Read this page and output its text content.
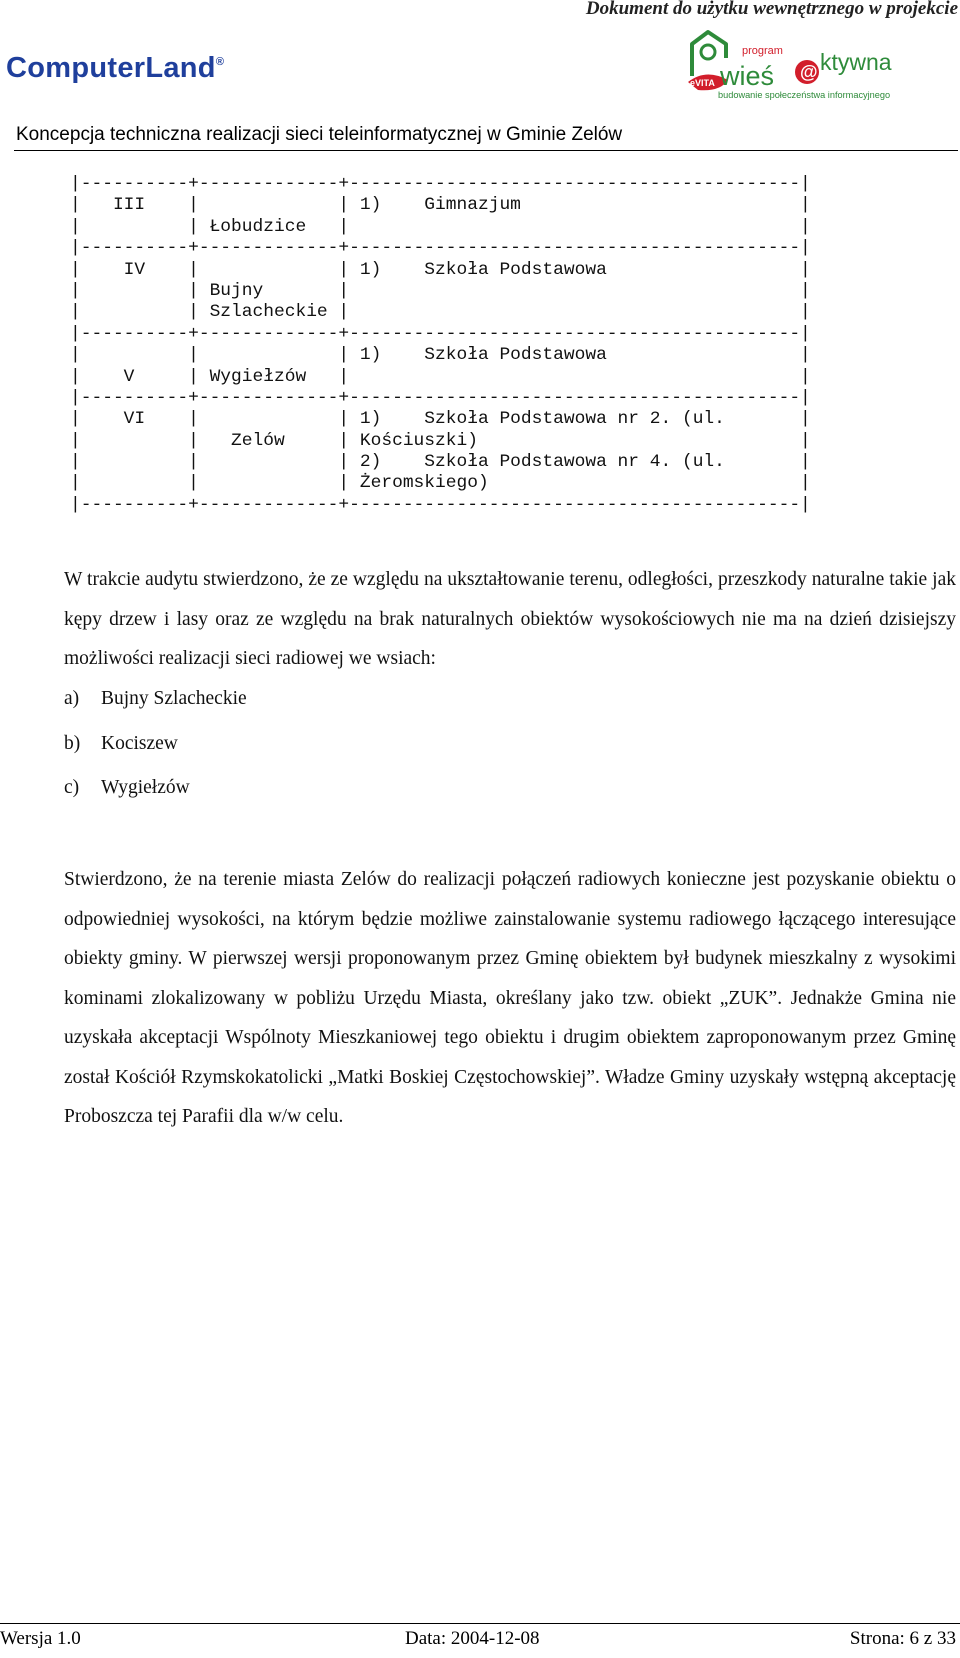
Dokument do użytku wewnętrznego w projekcie
ComputerLand®
eVITA
program
wieś @ ktywna
budowanie społeczeństwa informacyjnego
Koncepcja techniczna realizacji sieci teleinformatycznej w Gminie Zelów
|----------+-------------+------------------------------------------|
|   III    |             | 1)    Gimnazjum                          |
|          | Łobudzice   |                                          |
|----------+-------------+------------------------------------------|
|    IV    |             | 1)    Szkoła Podstawowa                  |
|          | Bujny       |                                          |
|          | Szlacheckie |                                          |
|----------+-------------+------------------------------------------|
|          |             | 1)    Szkoła Podstawowa                  |
|    V     | Wygiełzów   |                                          |
|----------+-------------+------------------------------------------|
|    VI    |             | 1)    Szkoła Podstawowa nr 2. (ul.       |
|          |   Zelów     | Kościuszki)                              |
|          |             | 2)    Szkoła Podstawowa nr 4. (ul.       |
|          |             | Żeromskiego)                             |
|----------+-------------+------------------------------------------|

W trakcie audytu stwierdzono, że ze względu na ukształtowanie terenu, odległości, przeszkody naturalne takie jak kępy drzew i lasy oraz ze względu na brak naturalnych obiektów wysokościowych nie ma na dzień dzisiejszy możliwości realizacji sieci radiowej we wsiach:

a) Bujny Szlacheckie
b) Kociszew
c) Wygiełzów

Stwierdzono, że na terenie miasta Zelów do realizacji połączeń radiowych konieczne jest pozyskanie obiektu o odpowiedniej wysokości, na którym będzie możliwe zainstalowanie systemu radiowego łączącego interesujące obiekty gminy. W pierwszej wersji proponowanym przez Gminę obiektem był budynek mieszkalny z wysokimi kominami zlokalizowany w pobliżu Urzędu Miasta, określany jako tzw. obiekt „ZUK”. Jednakże Gmina nie uzyskała akceptacji Wspólnoty Mieszkaniowej tego obiektu i drugim obiektem zaproponowanym przez Gminę został Kościół Rzymskokatolicki „Matki Boskiej Częstochowskiej”. Władze Gminy uzyskały wstępną akceptację Proboszcza tej Parafii dla w/w celu.

Wersja 1.0	Data: 2004-12-08	Strona: 6 z 33
